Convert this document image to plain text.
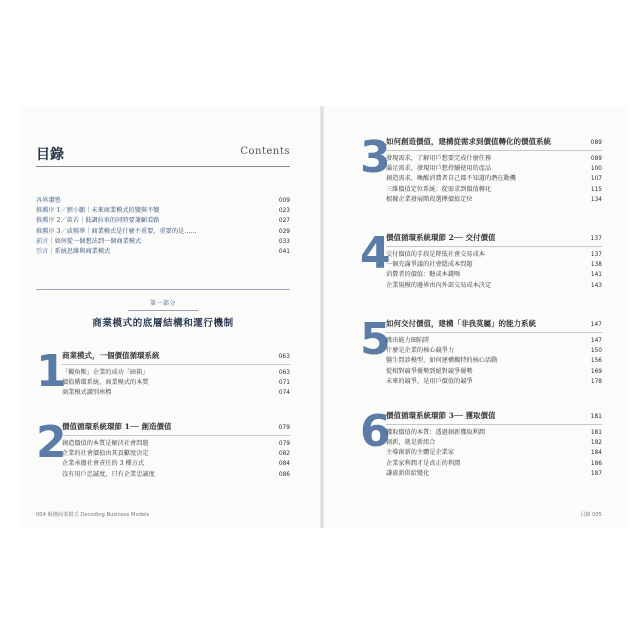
目錄	Contents
各界讚譽	009
推薦序 1／劉小鵬｜未來商業模式的變與不變	023
推薦序 2／黃若｜低調拉車的同時要兼顧看路	027
推薦序 3／戚暢華｜商業模式是什麼不重要，重要的是……	029
前言｜如何從一個想法到一個商業模式	033
引言｜系統思維與商業模式	041
第一部分
商業模式的底層結構和運行機制
1
商業模式，一個價值循環系統	063
「獨角獸」企業的成功「暗箱」	063
價值循環系統，商業模式的本質	071
商業模式識別座標	074
2
價值循環系統環節 1── 創造價值	079
創造價值的本質是解決社會問題	079
企業的社會價值由其貢獻度決定	082
企業承擔社會責任的 3 種方式	084
沒有用戶忠誠度，只有企業忠誠度	086
004 解構商業模式 Decoding Business Models
3
如何創造價值，建構從需求到價值轉化的價值系統	089
發現需求，了解用戶想要完成什麼任務	089
滿足需求，發現用戶想持續使用的產品	100
創造需求，喚醒消費者自己都不知道的潛在動機	107
三維價值定位系統：從需求到價值轉化	115
根據企業發展階段選擇價值定位	134
4
價值循環系統環節 2── 交付價值	137
交付價值的手段是降低社會交易成本	137
一個充滿爭議的社會隱成本問題	138
消費者的價值：糖或本錢嗎	141
企業規模的邊界由內外部交易成本決定	143
5
如何交付價值，建構「非我莫屬」的能力系統	147
跳出能力圈陷阱	147
什麼是企業的核心競爭力	150
醫生問診模型，如何建構獨特的核心活動	156
從相對競爭優勢到絕對競爭優勢	169
未來的競爭，是用戶價值的競爭	178
6
價值循環系統環節 3── 獲取價值	181
獲取價值的本質：透過創新獲取利潤	181
創新，就是新組合	182
主導創新的主體是企業家	184
企業家利潤才是真正的利潤	186
謙虛新供給變化	187
目錄 005
